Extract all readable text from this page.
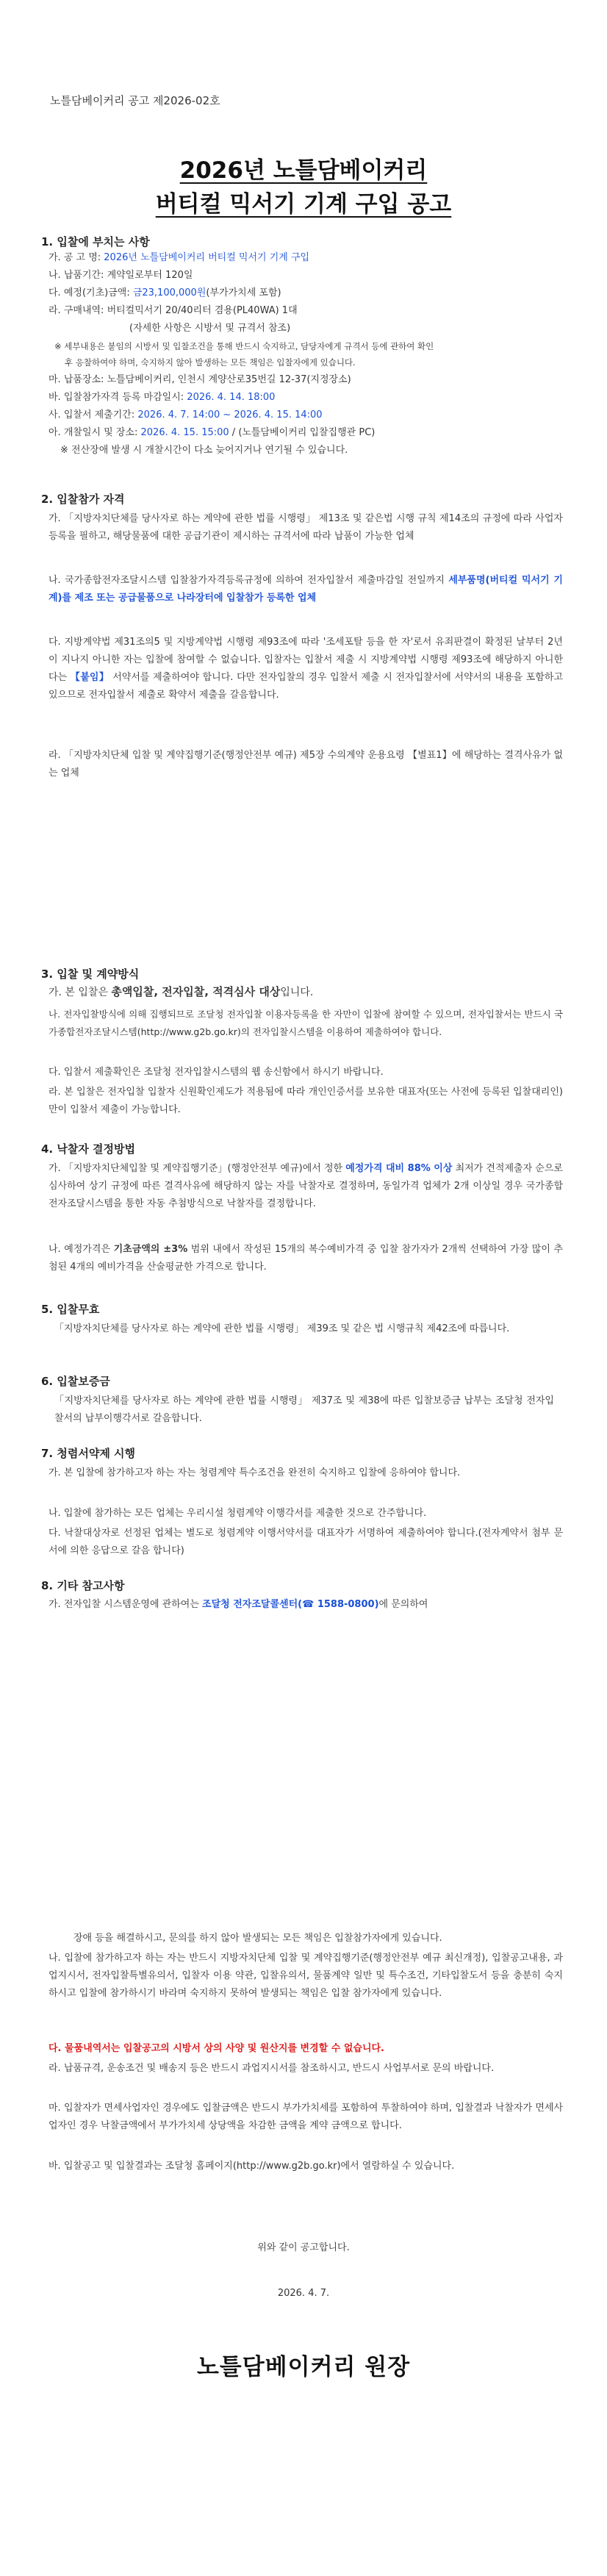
노틀담베이커리 공고 제2026-02호
2026년 노틀담베이커리
버티컬 믹서기 기계 구입 공고
1. 입찰에 부치는 사항
가. 공 고 명: 2026년 노틀담베이커리 버티컬 믹서기 기계 구입
나. 납품기간: 계약일로부터 120일
다. 예정(기초)금액: 금23,100,000원(부가가치세 포함)
라. 구매내역: 버티컬믹서기 20/40리터 겸용(PL40WA) 1대
(자세한 사항은 시방서 및 규격서 참조)
※ 세부내용은 붙임의 시방서 및 입찰조건을 통해 반드시 숙지하고, 담당자에게 규격서 등에 관하여 확인
후 응찰하여야 하며, 숙지하지 않아 발생하는 모든 책임은 입찰자에게 있습니다.
마. 납품장소: 노틀담베이커리, 인천시 계양산로35번길 12-37(지정장소)
바. 입찰참가자격 등록 마감일시: 2026. 4. 14. 18:00
사. 입찰서 제출기간: 2026. 4. 7. 14:00 ~ 2026. 4. 15. 14:00
아. 개찰일시 및 장소: 2026. 4. 15. 15:00 / (노틀담베이커리 입찰집행관 PC)
※ 전산장애 발생 시 개찰시간이 다소 늦어지거나 연기될 수 있습니다.
2. 입찰참가 자격
가. 「지방자치단체를 당사자로 하는 계약에 관한 법률 시행령」 제13조 및 같은법 시행 규칙 제14조의 규정에 따라 사업자 등록을 필하고, 해당물품에 대한 공급기관이 제시하는 규격서에 따라 납품이 가능한 업체
나. 국가종합전자조달시스템 입찰참가자격등록규정에 의하여 전자입찰서 제출마감일 전일까지 세부품명(버티컬 믹서기 기계)를 제조 또는 공급물품으로 나라장터에 입찰참가 등록한 업체
다. 지방계약법 제31조의5 및 지방계약법 시행령 제93조에 따라 '조세포탈 등을 한 자'로서 유죄판결이 확정된 날부터 2년이 지나지 아니한 자는 입찰에 참여할 수 없습니다. 입찰자는 입찰서 제출 시 지방계약법 시행령 제93조에 해당하지 아니한다는 【붙임】 서약서를 제출하여야 합니다. 다만 전자입찰의 경우 입찰서 제출 시 전자입찰서에 서약서의 내용을 포함하고 있으므로 전자입찰서 제출로 확약서 제출을 갈음합니다.
라. 「지방자치단체 입찰 및 계약집행기준(행정안전부 예규) 제5장 수의계약 운용요령 【별표1】에 해당하는 결격사유가 없는 업체
3. 입찰 및 계약방식
가. 본 입찰은 총액입찰, 전자입찰, 적격심사 대상입니다.
나. 전자입찰방식에 의해 집행되므로 조달청 전자입찰 이용자등록을 한 자만이 입찰에 참여할 수 있으며, 전자입찰서는 반드시 국가종합전자조달시스템(http://www.g2b.go.kr)의 전자입찰시스템을 이용하여 제출하여야 합니다.
다. 입찰서 제출확인은 조달청 전자입찰시스템의 웹 송신함에서 하시기 바랍니다.
라. 본 입찰은 전자입찰 입찰자 신원확인제도가 적용됨에 따라 개인인증서를 보유한 대표자(또는 사전에 등록된 입찰대리인)만이 입찰서 제출이 가능합니다.
4. 낙찰자 결정방법
가. 「지방자치단체입찰 및 계약집행기준」(행정안전부 예규)에서 정한 예정가격 대비 88% 이상 최저가 견적제출자 순으로 심사하여 상기 규정에 따른 결격사유에 해당하지 않는 자를 낙찰자로 결정하며, 동일가격 업체가 2개 이상일 경우 국가종합전자조달시스템을 통한 자동 추첨방식으로 낙찰자를 결정합니다.
나. 예정가격은 기초금액의 ±3% 범위 내에서 작성된 15개의 복수예비가격 중 입찰 참가자가 2개씩 선택하여 가장 많이 추첨된 4개의 예비가격을 산술평균한 가격으로 합니다.
5. 입찰무효
「지방자치단체를 당사자로 하는 계약에 관한 법률 시행령」 제39조 및 같은 법 시행규칙 제42조에 따릅니다.
6. 입찰보증금
「지방자치단체를 당사자로 하는 계약에 관한 법률 시행령」 제37조 및 제38에 따른 입찰보증금 납부는 조달청 전자입찰서의 납부이행각서로 갈음합니다.
7. 청렴서약제 시행
가. 본 입찰에 참가하고자 하는 자는 청렴계약 특수조건을 완전히 숙지하고 입찰에 응하여야 합니다.
나. 입찰에 참가하는 모든 업체는 우리시설 청렴계약 이행각서를 제출한 것으로 간주합니다.
다. 낙찰대상자로 선정된 업체는 별도로 청렴계약 이행서약서를 대표자가 서명하여 제출하여야 합니다.(전자계약서 첨부 문서에 의한 응답으로 갈음 합니다)
8. 기타 참고사항
가. 전자입찰 시스템운영에 관하여는 조달청 전자조달콜센터(☎ 1588-0800)에 문의하여
장애 등을 해결하시고, 문의를 하지 않아 발생되는 모든 책임은 입찰참가자에게 있습니다.
나. 입찰에 참가하고자 하는 자는 반드시 지방자치단체 입찰 및 계약집행기준(행정안전부 예규 최신개정), 입찰공고내용, 과업지시서, 전자입찰특별유의서, 입찰자 이용 약관, 입찰유의서, 물품계약 일반 및 특수조건, 기타입찰도서 등을 충분히 숙지하시고 입찰에 참가하시기 바라며 숙지하지 못하여 발생되는 책임은 입찰 참가자에게 있습니다.
다. 물품내역서는 입찰공고의 시방서 상의 사양 및 원산지를 변경할 수 없습니다.
라. 납품규격, 운송조건 및 배송지 등은 반드시 과업지시서를 참조하시고, 반드시 사업부서로 문의 바랍니다.
마. 입찰자가 면세사업자인 경우에도 입찰금액은 반드시 부가가치세를 포함하여 투찰하여야 하며, 입찰결과 낙찰자가 면세사업자인 경우 낙찰금액에서 부가가치세 상당액을 차감한 금액을 계약 금액으로 합니다.
바. 입찰공고 및 입찰결과는 조달청 홈페이지(http://www.g2b.go.kr)에서 열람하실 수 있습니다.
위와 같이 공고합니다.
2026. 4. 7.
노틀담베이커리 원장
